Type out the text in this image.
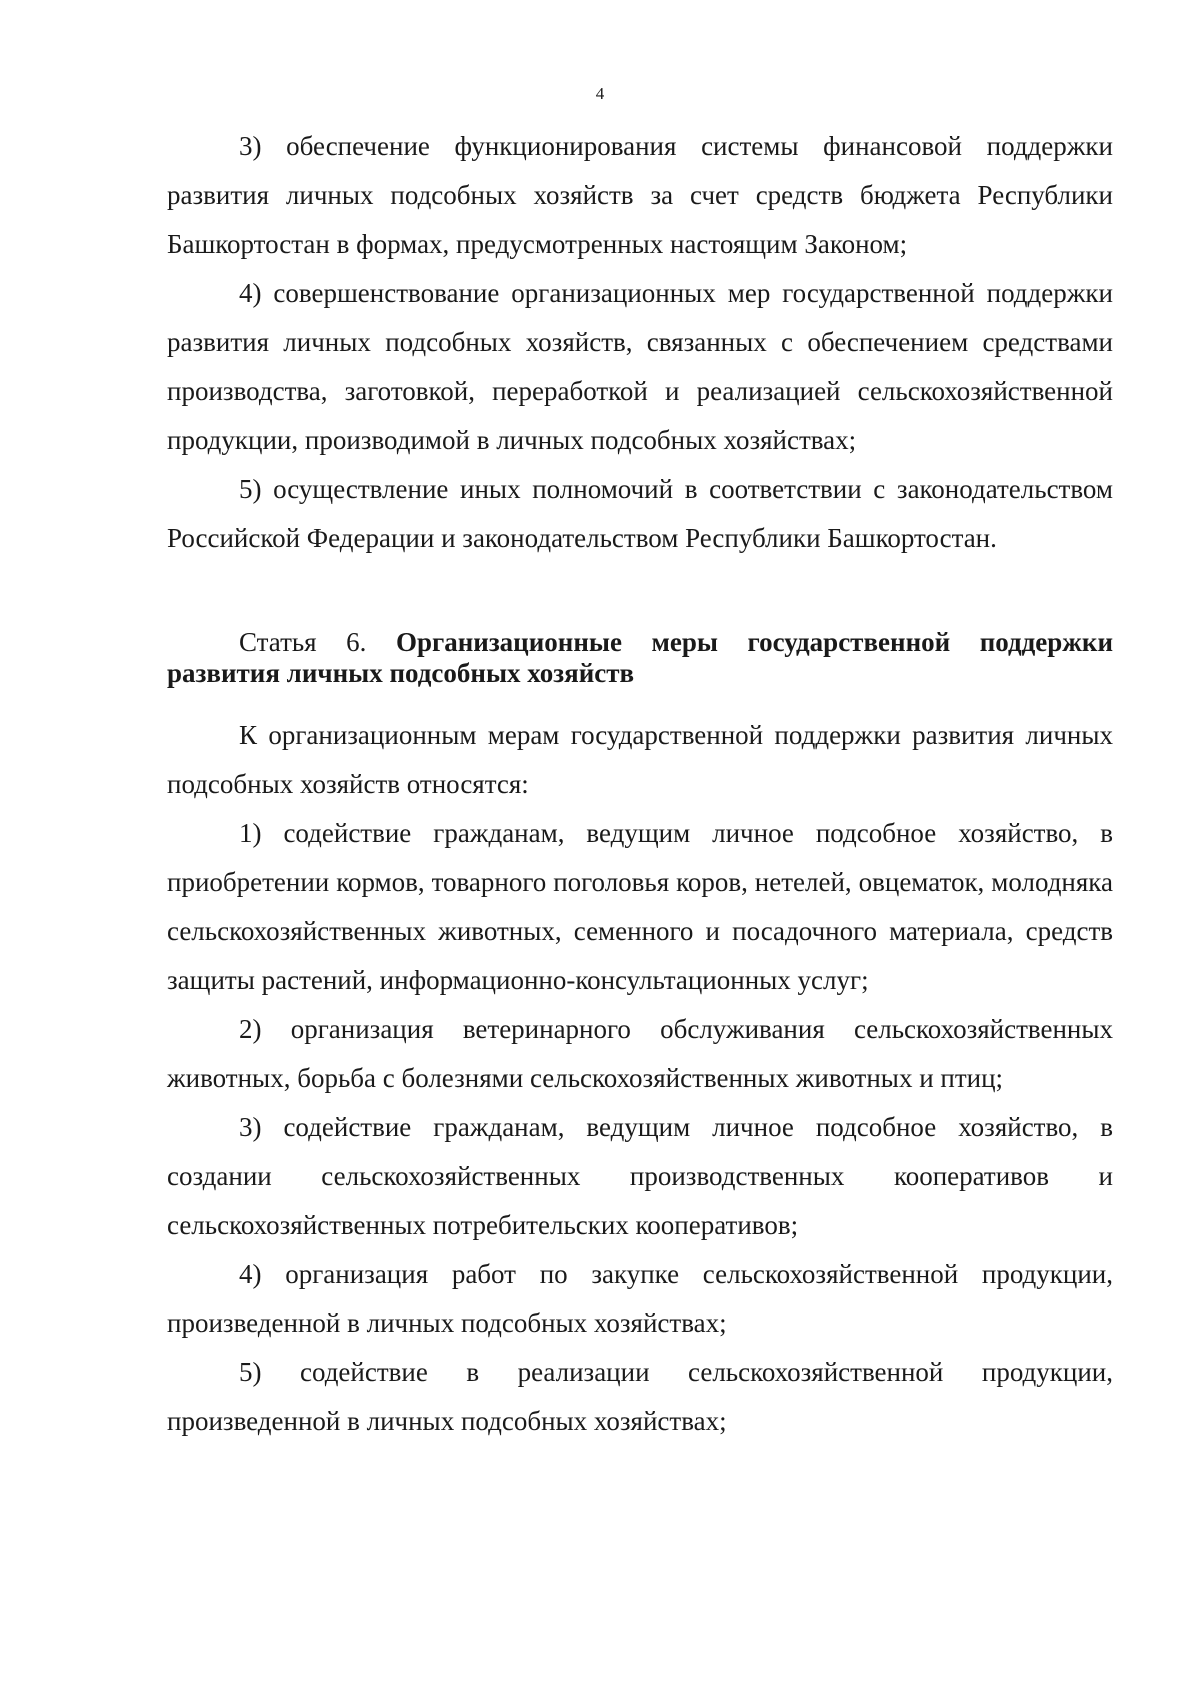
4

3) обеспечение функционирования системы финансовой поддержки развития личных подсобных хозяйств за счет средств бюджета Республики Башкортостан в формах, предусмотренных настоящим Законом;

4) совершенствование организационных мер государственной поддержки развития личных подсобных хозяйств, связанных с обеспечением средствами производства, заготовкой, переработкой и реализацией сельскохозяйственной продукции, производимой в личных подсобных хозяйствах;

5) осуществление иных полномочий в соответствии с законодательством Российской Федерации и законодательством Республики Башкортостан.

Статья 6. Организационные меры государственной поддержки развития личных подсобных хозяйств

К организационным мерам государственной поддержки развития личных подсобных хозяйств относятся:

1) содействие гражданам, ведущим личное подсобное хозяйство, в приобретении кормов, товарного поголовья коров, нетелей, овцематок, молодняка сельскохозяйственных животных, семенного и посадочного материала, средств защиты растений, информационно-консультационных услуг;

2) организация ветеринарного обслуживания сельскохозяйственных животных, борьба с болезнями сельскохозяйственных животных и птиц;

3) содействие гражданам, ведущим личное подсобное хозяйство, в создании сельскохозяйственных производственных кооперативов и сельскохозяйственных потребительских кооперативов;

4) организация работ по закупке сельскохозяйственной продукции, произведенной в личных подсобных хозяйствах;

5) содействие в реализации сельскохозяйственной продукции, произведенной в личных подсобных хозяйствах;
